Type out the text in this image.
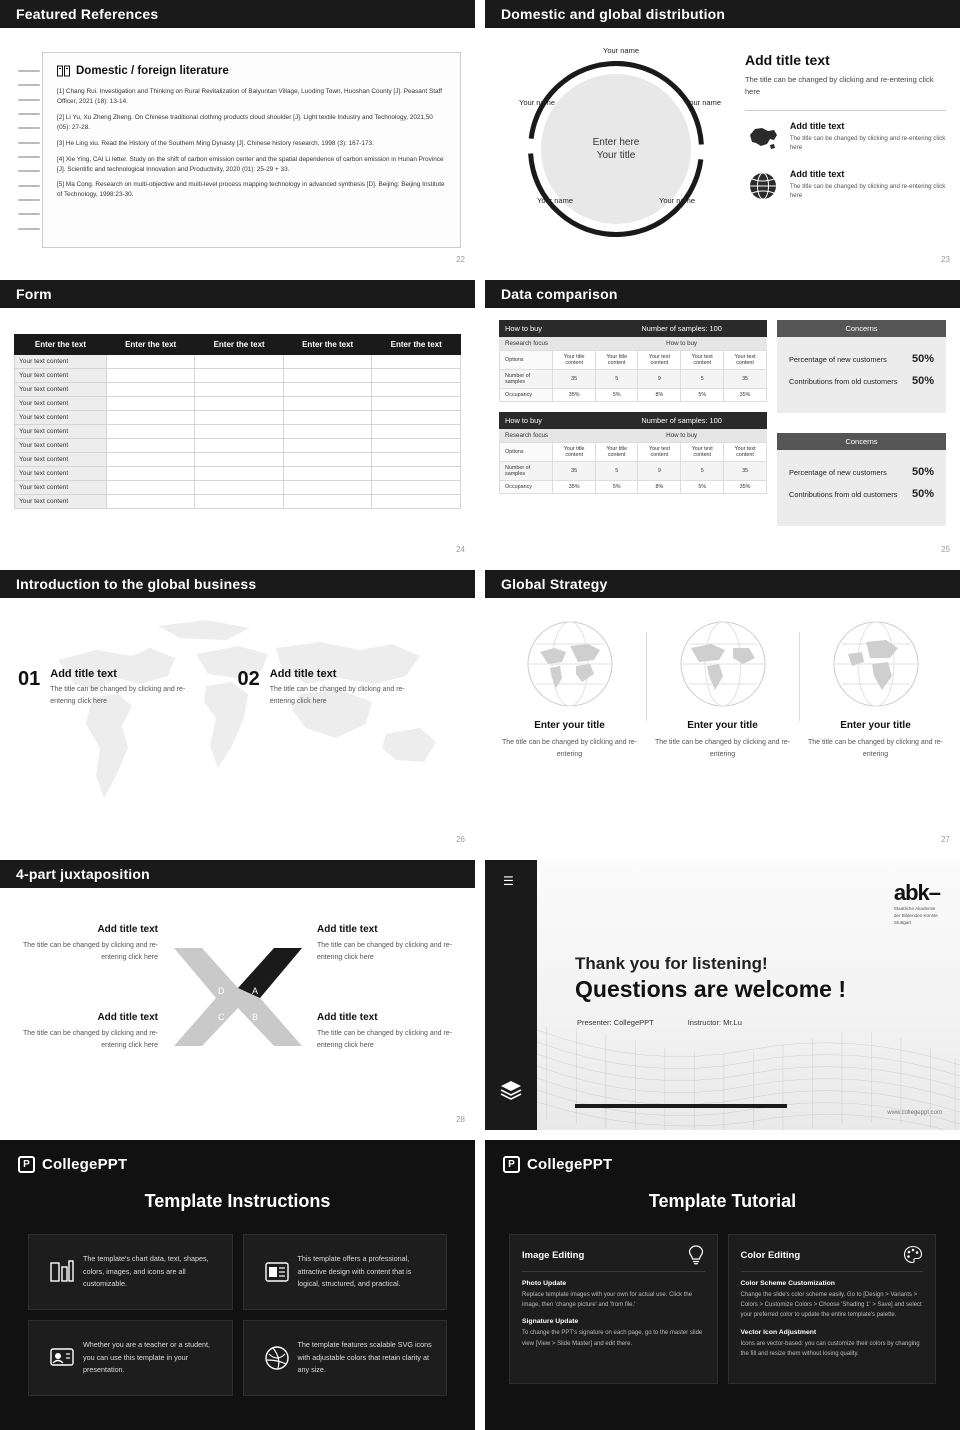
Featured References
Domestic / foreign literature
[1] Chang Rui. Investigation and Thinking on Rural Revitalization of Baiyuntan Village, Luoding Town, Huoshan County [J]. Peasant Staff Officer, 2021 (18): 13-14.
[2] Li Yu, Xu Zheng Zheng. On Chinese traditional clothing products cloud shoulder [J]. Light textile Industry and Technology, 2021,50 (05): 27-28.
[3] He Ling xiu. Read the History of the Southern Ming Dynasty [J]. Chinese history research, 1998 (3): 167-173.
[4] Xie Ying, CAI Li letter. Study on the shift of carbon emission center and the spatial dependence of carbon emission in Hunan Province [J]. Scientific and technological Innovation and Productivity, 2020 (01): 25-29 + 33.
[5] Ma Cong. Research on multi-objective and multi-level process mapping technology in advanced synthesis [D]. Beijing: Beijing Institute of Technology, 1998:23-30.
22
Domestic and global distribution
Enter here
Your title
Your name
Your name	Your name
Your name	Your name
Add title text

The title can be changed by clicking and re-entering click here

Add title text

The title can be changed by clicking and re-entering click here

Add title text

The title can be changed by clicking and re-entering click here

23
Form
Enter the text	Enter the text	Enter the text	Enter the text	Enter the text
Your text content				
Your text content				
Your text content				
Your text content				
Your text content				
Your text content				
Your text content				
Your text content				
Your text content				
Your text content				
Your text content				
24
Data comparison
How to buy	Number of samples: 100
Research focus	How to buy
Options	Your title content	Your title content	Your text content	Your text content	Your text content
Number of samples	35	5	9	5	35
Occupancy	35%	5%	8%	5%	35%
How to buy	Number of samples: 100
Research focus	How to buy
Options	Your title content	Your title content	Your text content	Your text content	Your text content
Number of samples	35	5	9	5	35
Occupancy	35%	5%	8%	5%	35%
Concerns
Percentage of new customers 50%
Contributions from old customers 50%
Concerns
Percentage of new customers 50%
Contributions from old customers 50%
25
Introduction to the global business
01 Add title text

The title can be changed by clicking and re-entering click here

02 Add title text

The title can be changed by clicking and re-entering click here

26
Global Strategy
Enter your title

The title can be changed by clicking and re-entering

Enter your title

The title can be changed by clicking and re-entering

Enter your title

The title can be changed by clicking and re-entering

27
4-part juxtaposition
D	A
C	B
Add title text

The title can be changed by clicking and re-entering click here

Add title text

The title can be changed by clicking and re-entering click here

Add title text

The title can be changed by clicking and re-entering click here

Add title text

The title can be changed by clicking and re-entering click here

28
☰	abk–
Staatliche Akademie
der Bildenden Künste
Stuttgart
Thank you for listening!
Questions are welcome !
Presenter: CollegePPT	Instructor: Mr.Lu
www.collegeppt.com
P CollegePPT
Template Instructions

The template's chart data, text, shapes, colors, images, and icons are all customizable.

This template offers a professional, attractive design with content that is logical, structured, and practical.

Whether you are a teacher or a student, you can use this template in your presentation.

The template features scalable SVG icons with adjustable colors that retain clarity at any size.

P CollegePPT
Template Tutorial
Image Editing
Photo Update

Replace template images with your own for actual use. Click the image, then 'change picture' and 'from file.'

Signature Update

To change the PPT's signature on each page, go to the master slide view [View > Slide Master] and edit there.

Color Editing
Color Scheme Customization

Change the slide's color scheme easily. Go to [Design > Variants > Colors > Customize Colors > Choose 'Shading 1' > Save] and select your preferred color to update the entire template's palette.

Vector Icon Adjustment

Icons are vector-based: you can customize their colors by changing the fill and resize them without losing quality.
